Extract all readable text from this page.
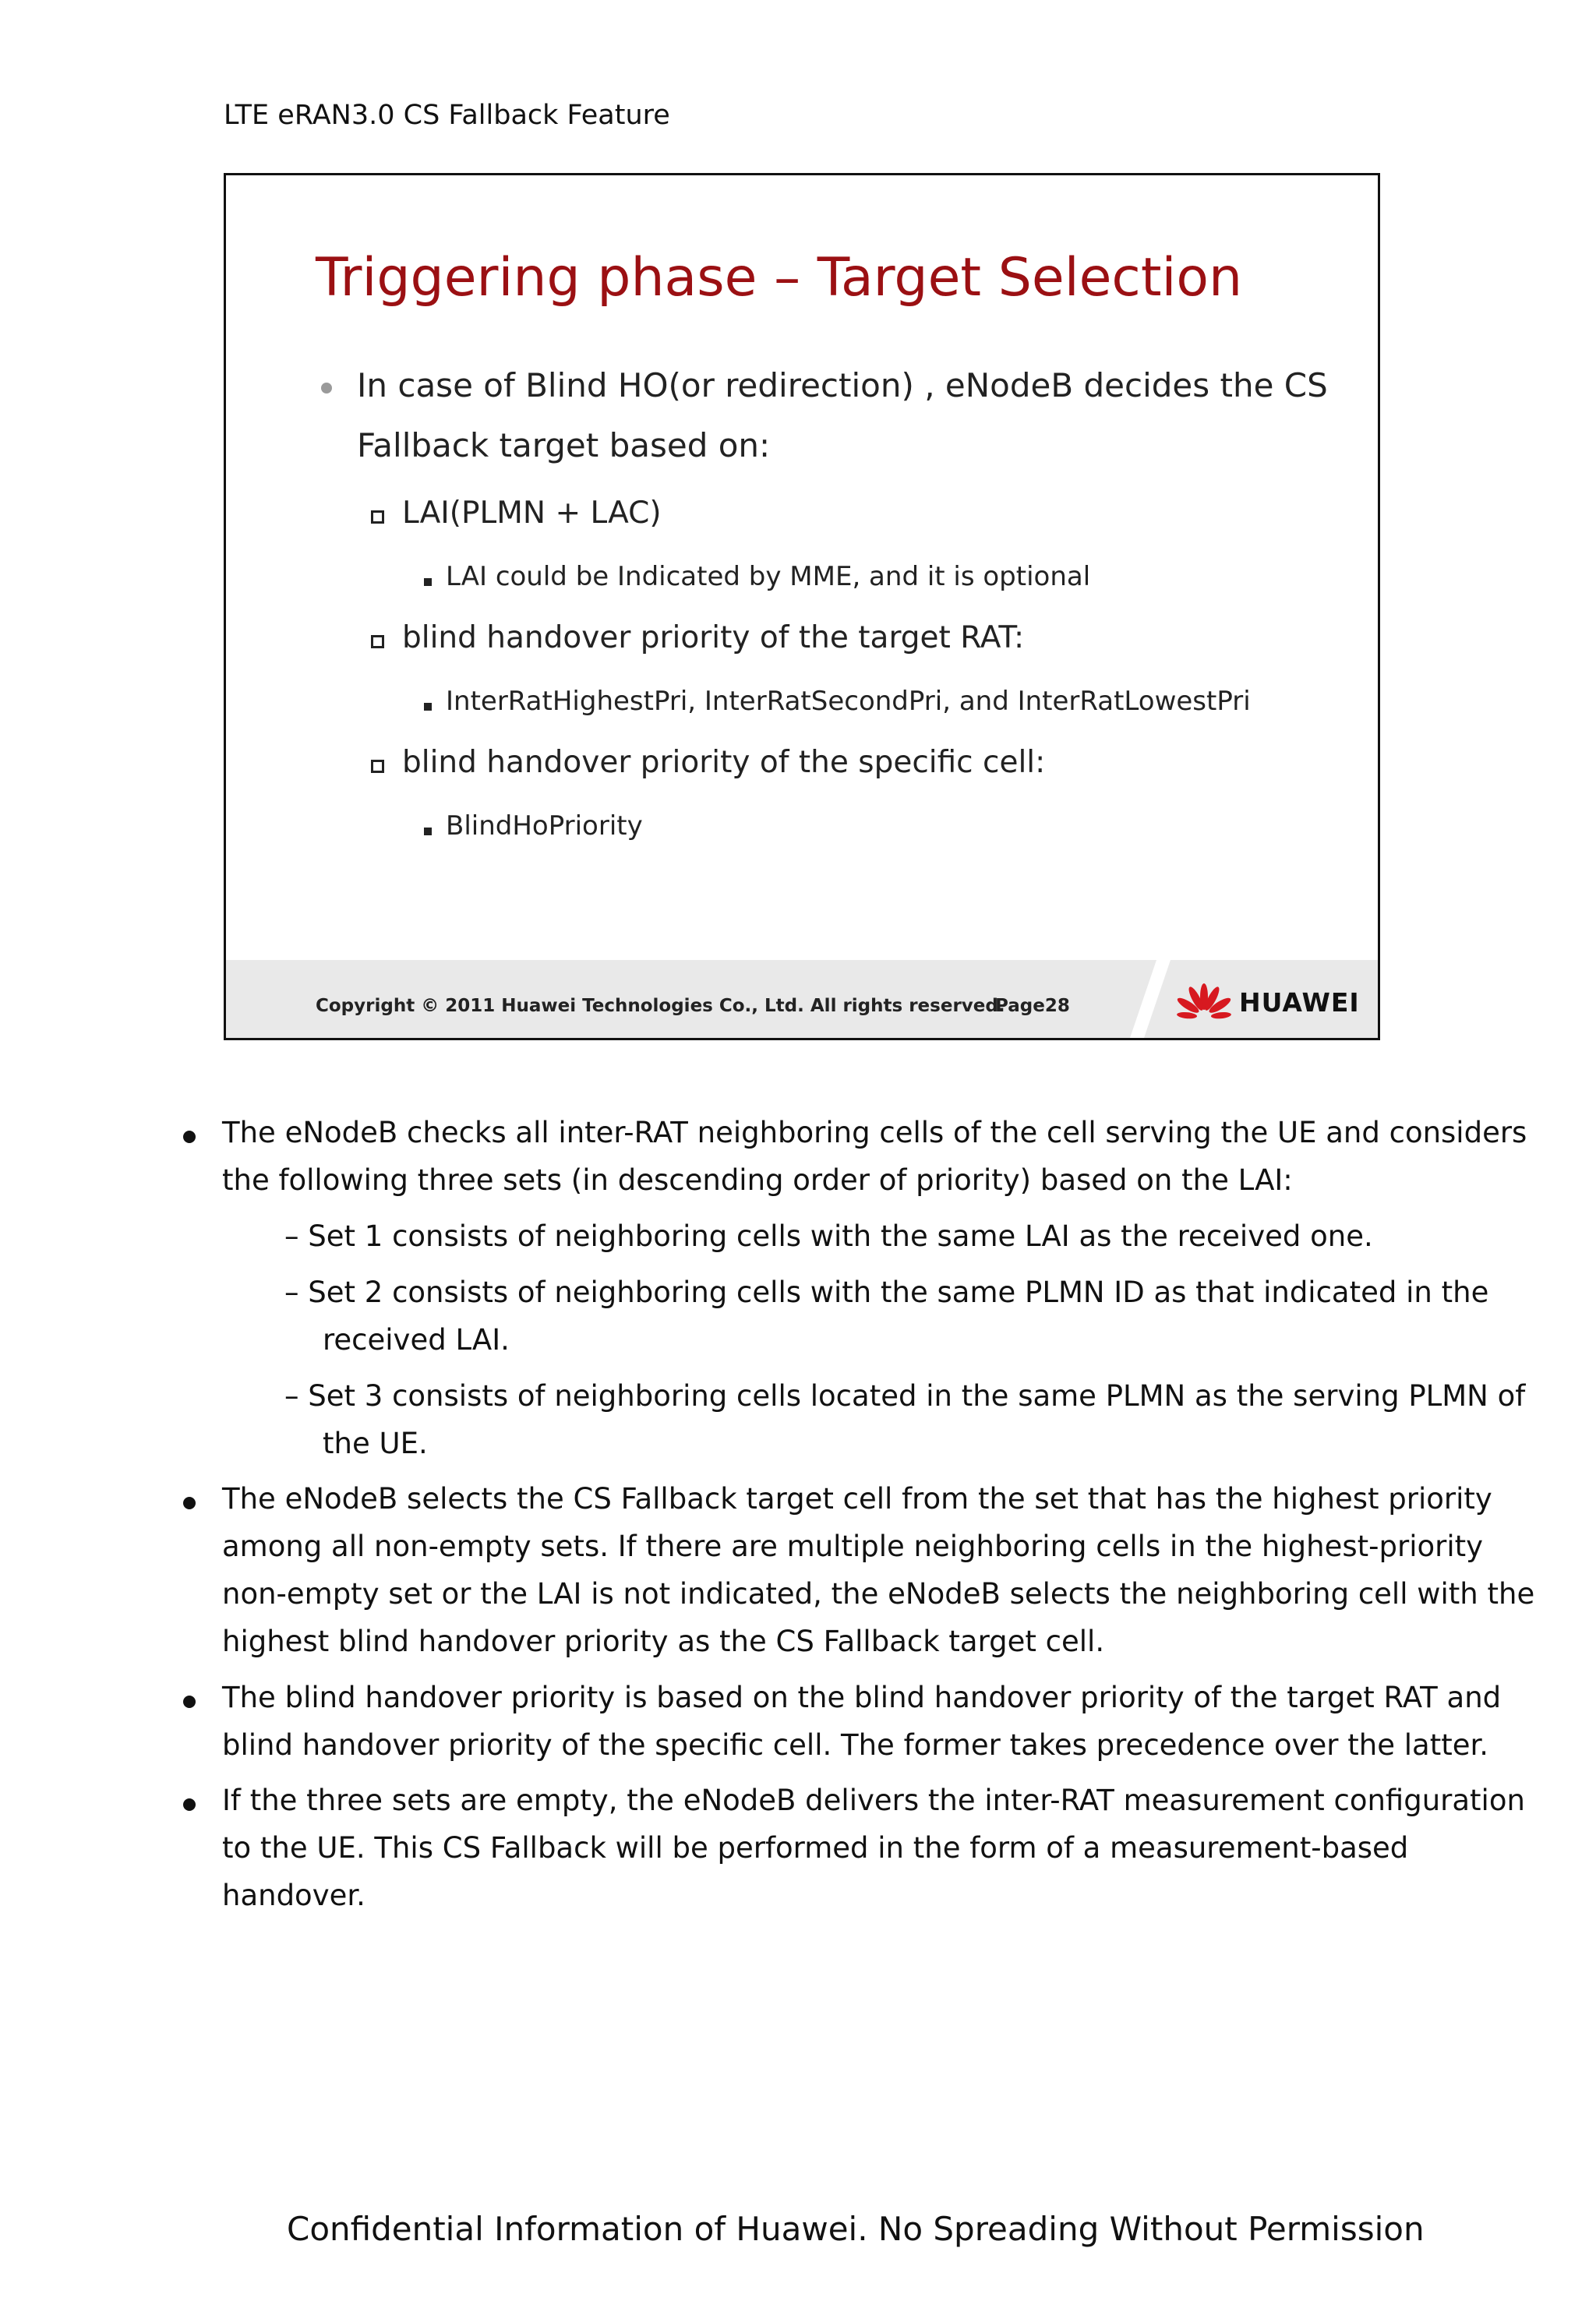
LTE eRAN3.0 CS Fallback Feature
Triggering phase – Target Selection
In case of Blind HO(or redirection) , eNodeB decides the CS
Fallback target based on:
LAI(PLMN + LAC)
LAI could be Indicated by MME, and it is optional
blind handover priority of the target RAT:
InterRatHighestPri, InterRatSecondPri, and InterRatLowestPri
blind handover priority of the specific cell:
BlindHoPriority
Copyright © 2011 Huawei Technologies Co., Ltd. All rights reserved.
Page28	HUAWEI
The eNodeB checks all inter-RAT neighboring cells of the cell serving the UE and considers
the following three sets (in descending order of priority) based on the LAI:
– Set 1 consists of neighboring cells with the same LAI as the received one.
– Set 2 consists of neighboring cells with the same PLMN ID as that indicated in the
received LAI.
– Set 3 consists of neighboring cells located in the same PLMN as the serving PLMN of
the UE.
The eNodeB selects the CS Fallback target cell from the set that has the highest priority
among all non-empty sets. If there are multiple neighboring cells in the highest-priority
non-empty set or the LAI is not indicated, the eNodeB selects the neighboring cell with the
highest blind handover priority as the CS Fallback target cell.
The blind handover priority is based on the blind handover priority of the target RAT and
blind handover priority of the specific cell. The former takes precedence over the latter.
If the three sets are empty, the eNodeB delivers the inter-RAT measurement configuration
to the UE. This CS Fallback will be performed in the form of a measurement-based
handover.
Confidential Information of Huawei. No Spreading Without Permission
